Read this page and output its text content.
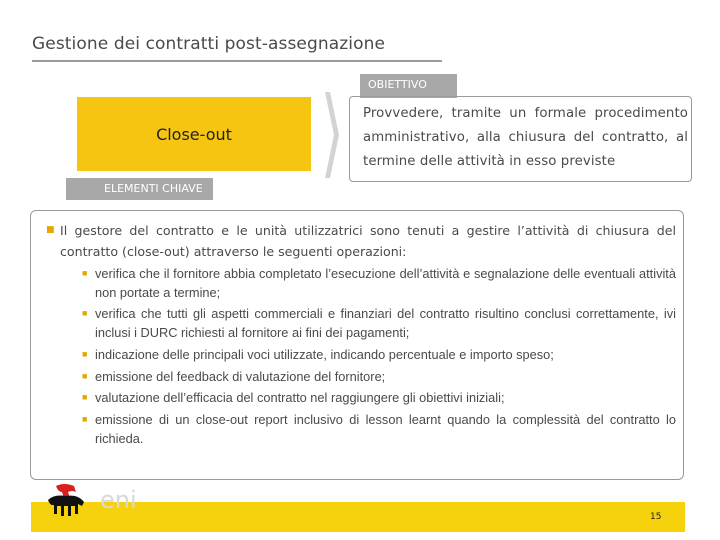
Gestione dei contratti post-assegnazione
OBIETTIVO
Close-out
Provvedere, tramite un formale procedimento amministrativo, alla chiusura del contratto, al termine delle attività in esso previste
ELEMENTI CHIAVE
■ Il gestore del contratto e le unità utilizzatrici sono tenuti a gestire l’attività di chiusura del contratto (close-out) attraverso le seguenti operazioni:
■ verifica che il fornitore abbia completato l’esecuzione dell’attività e segnalazione delle eventuali attività non portate a termine;
■ verifica che tutti gli aspetti commerciali e finanziari del contratto risultino conclusi correttamente, ivi inclusi i DURC richiesti al fornitore ai fini dei pagamenti;
■ indicazione delle principali voci utilizzate, indicando percentuale e importo speso;
■ emissione del feedback di valutazione del fornitore;
■ valutazione dell’efficacia del contratto nel raggiungere gli obiettivi iniziali;
■ emissione di un close-out report inclusivo di lesson learnt quando la complessità del contratto lo richieda.
eni
15
